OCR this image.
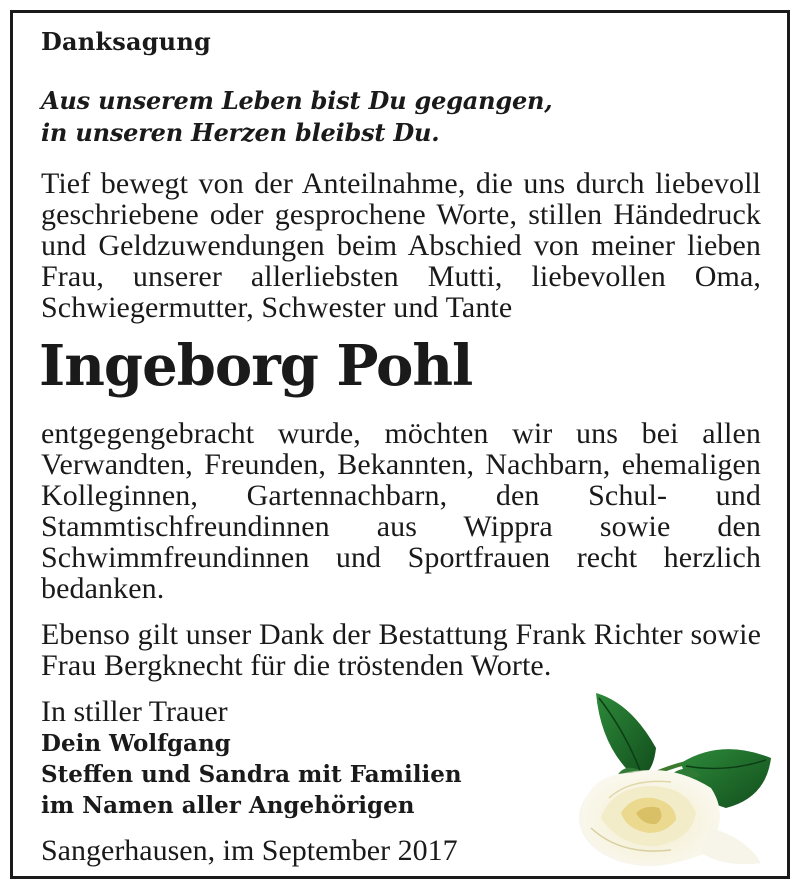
Danksagung
Aus unserem Leben bist Du gegangen,
in unseren Herzen bleibst Du.
Tief bewegt von der Anteilnahme, die uns durch liebevoll geschriebene oder gesprochene Worte, stillen Händedruck und Geldzuwendungen beim Abschied von meiner lieben Frau, unserer allerliebsten Mutti, liebevollen Oma, Schwiegermutter, Schwester und Tante
Ingeborg Pohl
entgegengebracht wurde, möchten wir uns bei allen Verwandten, Freunden, Bekannten, Nachbarn, ehemaligen Kolleginnen, Gartennachbarn, den Schul- und Stammtischfreundinnen aus Wippra sowie den Schwimmfreundinnen und Sportfrauen recht herzlich bedanken.
Ebenso gilt unser Dank der Bestattung Frank Richter sowie Frau Bergknecht für die tröstenden Worte.
In stiller Trauer
Dein Wolfgang
Steffen und Sandra mit Familien
im Namen aller Angehörigen
Sangerhausen, im September 2017
